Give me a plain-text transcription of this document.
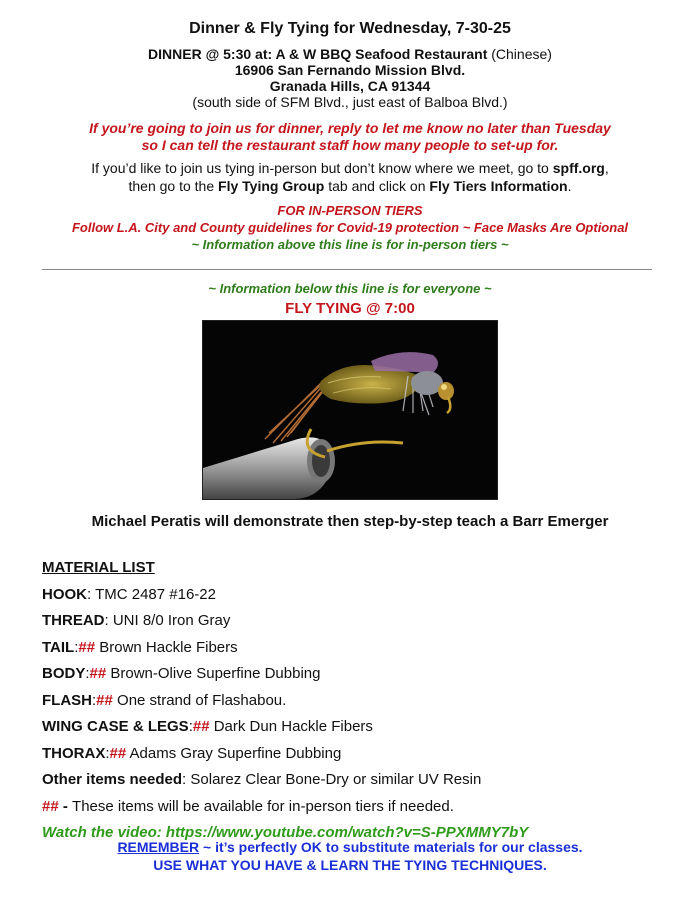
Dinner & Fly Tying for Wednesday, 7-30-25
DINNER @ 5:30 at: A & W BBQ Seafood Restaurant (Chinese)
16906 San Fernando Mission Blvd.
Granada Hills, CA 91344
(south side of SFM Blvd., just east of Balboa Blvd.)
If you’re going to join us for dinner, reply to let me know no later than Tuesday
so I can tell the restaurant staff how many people to set-up for.
If you’d like to join us tying in-person but don’t know where we meet, go to spff.org,
then go to the Fly Tying Group tab and click on Fly Tiers Information.
FOR IN-PERSON TIERS
Follow L.A. City and County guidelines for Covid-19 protection ~ Face Masks Are Optional
~ Information above this line is for in-person tiers ~
~ Information below this line is for everyone ~
FLY TYING @ 7:00
Michael Peratis will demonstrate then step-by-step teach a Barr Emerger
MATERIAL LIST
HOOK: TMC 2487 #16-22
THREAD: UNI 8/0 Iron Gray
TAIL:## Brown Hackle Fibers
BODY:## Brown-Olive Superfine Dubbing
FLASH:## One strand of Flashabou.
WING CASE & LEGS:## Dark Dun Hackle Fibers
THORAX:## Adams Gray Superfine Dubbing
Other items needed: Solarez Clear Bone-Dry or similar UV Resin
## - These items will be available for in-person tiers if needed.
Watch the video: https://www.youtube.com/watch?v=S-PPXMMY7bY
REMEMBER ~ it’s perfectly OK to substitute materials for our classes.
USE WHAT YOU HAVE & LEARN THE TYING TECHNIQUES.
